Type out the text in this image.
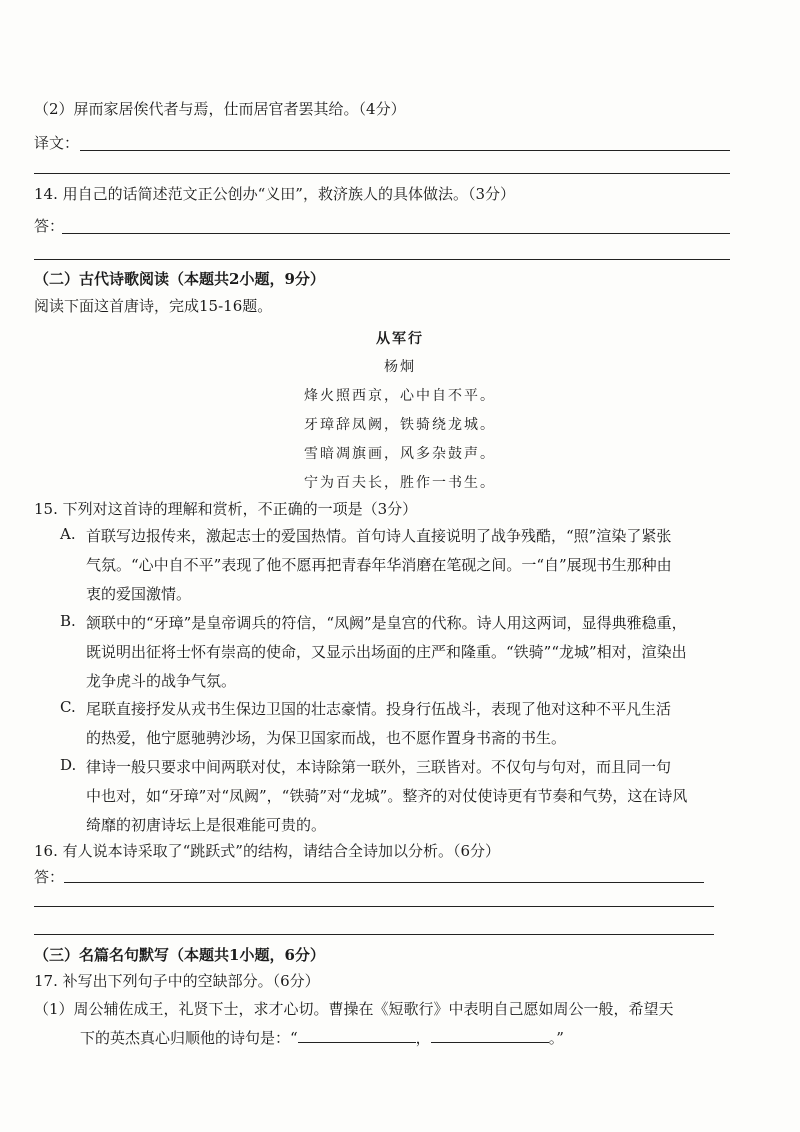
（2）屏而家居俟代者与焉，仕而居官者罢其给。（4分）
译文：
14. 用自己的话简述范文正公创办“义田”，救济族人的具体做法。（3分）
答：
（二）古代诗歌阅读（本题共2小题，9分）
阅读下面这首唐诗，完成15-16题。
从军行
杨炯
烽火照西京，心中自不平。
牙璋辞凤阙，铁骑绕龙城。
雪暗凋旗画，风多杂鼓声。
宁为百夫长，胜作一书生。
15. 下列对这首诗的理解和赏析，不正确的一项是（3分）
A. 首联写边报传来，激起志士的爱国热情。首句诗人直接说明了战争残酷，“照”渲染了紧张
气氛。“心中自不平”表现了他不愿再把青春年华消磨在笔砚之间。一“自”展现书生那种由
衷的爱国激情。
B. 颔联中的“牙璋”是皇帝调兵的符信，“凤阙”是皇宫的代称。诗人用这两词，显得典雅稳重，
既说明出征将士怀有崇高的使命，又显示出场面的庄严和隆重。“铁骑”“龙城”相对，渲染出
龙争虎斗的战争气氛。
C. 尾联直接抒发从戎书生保边卫国的壮志豪情。投身行伍战斗，表现了他对这种不平凡生活
的热爱，他宁愿驰骋沙场，为保卫国家而战，也不愿作置身书斋的书生。
D. 律诗一般只要求中间两联对仗，本诗除第一联外，三联皆对。不仅句与句对，而且同一句
中也对，如“牙璋”对“凤阙”，“铁骑”对“龙城”。整齐的对仗使诗更有节奏和气势，这在诗风
绮靡的初唐诗坛上是很难能可贵的。
16. 有人说本诗采取了“跳跃式”的结构，请结合全诗加以分析。（6分）
答：
（三）名篇名句默写（本题共1小题，6分）
17. 补写出下列句子中的空缺部分。（6分）
（1）周公辅佐成王，礼贤下士，求才心切。曹操在《短歌行》中表明自己愿如周公一般，希望天
下的英杰真心归顺他的诗句是：“	，	。”
